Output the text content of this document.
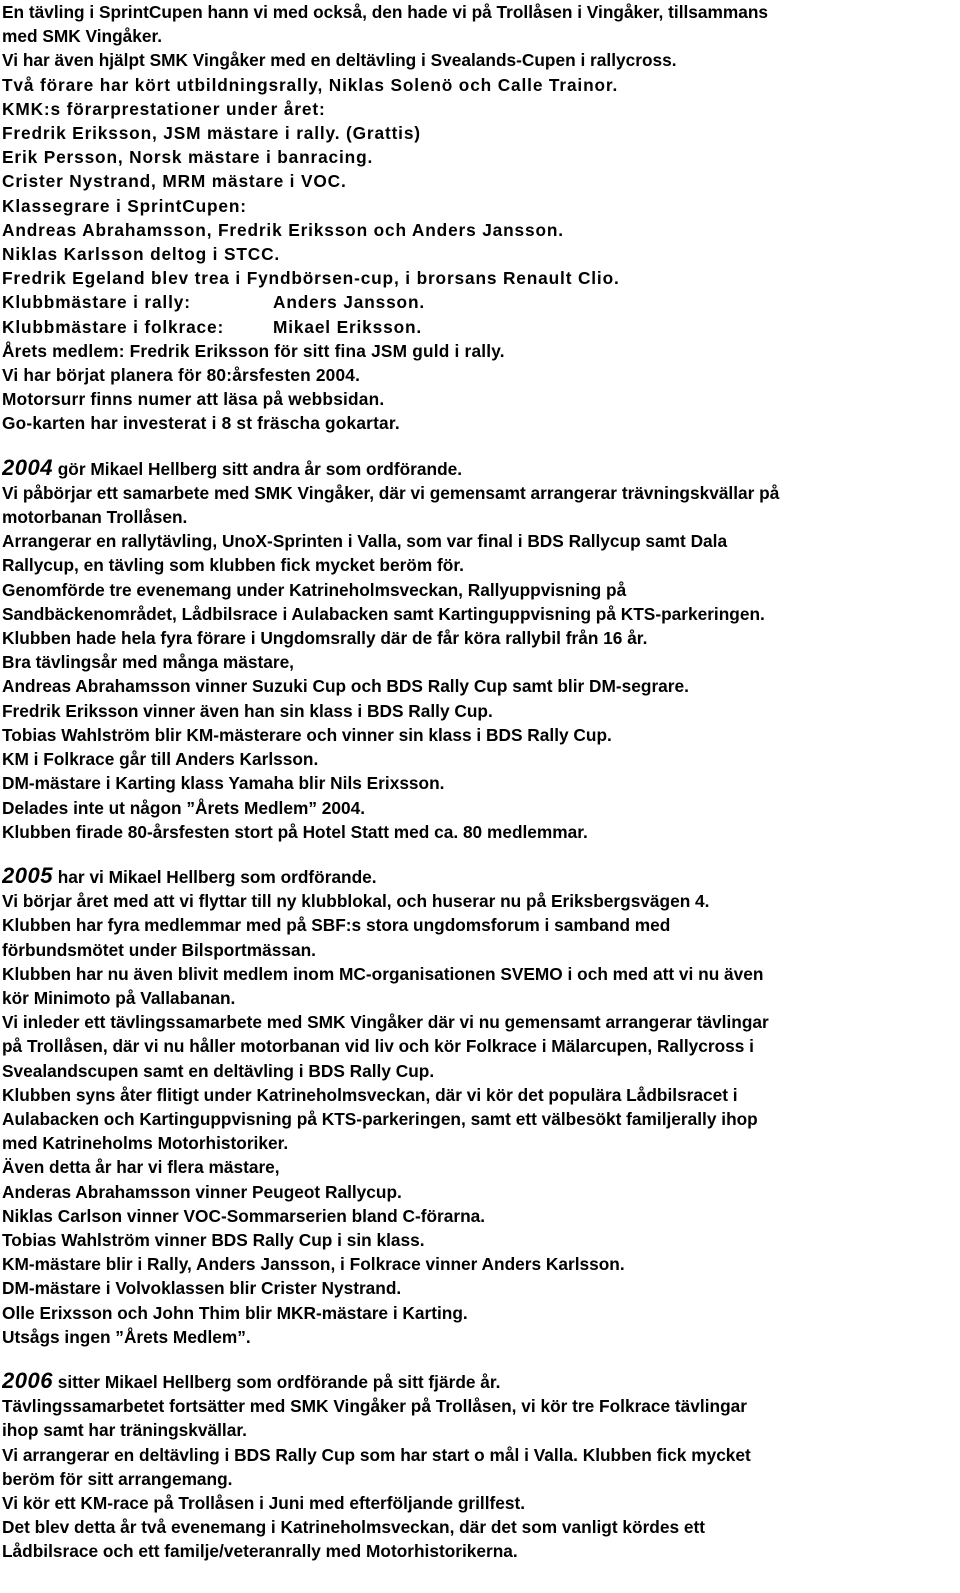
En tävling i SprintCupen hann vi med också, den hade vi på Trollåsen i Vingåker, tillsammans
med SMK Vingåker.
Vi har även hjälpt SMK Vingåker med en deltävling i Svealands-Cupen i rallycross.
Två förare har kört utbildningsrally, Niklas Solenö och Calle Trainor.
KMK:s förarprestationer under året:
Fredrik Eriksson, JSM mästare i rally. (Grattis)
Erik Persson, Norsk mästare i banracing.
Crister Nystrand, MRM mästare i VOC.
Klassegrare i SprintCupen:
Andreas Abrahamsson, Fredrik Eriksson och Anders Jansson.
Niklas Karlsson deltog i STCC.
Fredrik Egeland blev trea i Fyndbörsen-cup, i brorsans Renault Clio.
Klubbmästare i rally:	Anders Jansson.
Klubbmästare i folkrace:	Mikael Eriksson.
Årets medlem: Fredrik Eriksson för sitt fina JSM guld i rally.
Vi har börjat planera för 80:årsfesten 2004.
Motorsurr finns numer att läsa på webbsidan.
Go-karten har investerat i 8 st fräscha gokartar.
2004 gör Mikael Hellberg sitt andra år som ordförande.
Vi påbörjar ett samarbete med SMK Vingåker, där vi gemensamt arrangerar trävningskvällar på
motorbanan Trollåsen.
Arrangerar en rallytävling, UnoX-Sprinten i Valla, som var final i BDS Rallycup samt Dala
Rallycup, en tävling som klubben fick mycket beröm för.
Genomförde tre evenemang under Katrineholmsveckan, Rallyuppvisning på
Sandbäckenområdet, Lådbilsrace i Aulabacken samt Kartinguppvisning på KTS-parkeringen.
Klubben hade hela fyra förare i Ungdomsrally där de får köra rallybil från 16 år.
Bra tävlingsår med många mästare,
Andreas Abrahamsson vinner Suzuki Cup och BDS Rally Cup samt blir DM-segrare.
Fredrik Eriksson vinner även han sin klass i BDS Rally Cup.
Tobias Wahlström blir KM-mästerare och vinner sin klass i BDS Rally Cup.
KM i Folkrace går till Anders Karlsson.
DM-mästare i Karting klass Yamaha blir Nils Erixsson.
Delades inte ut någon ”Årets Medlem” 2004.
Klubben firade 80-årsfesten stort på Hotel Statt med ca. 80 medlemmar.
2005 har vi Mikael Hellberg som ordförande.
Vi börjar året med att vi flyttar till ny klubblokal, och huserar nu på Eriksbergsvägen 4.
Klubben har fyra medlemmar med på SBF:s stora ungdomsforum i samband med
förbundsmötet under Bilsportmässan.
Klubben har nu även blivit medlem inom MC-organisationen SVEMO i och med att vi nu även
kör Minimoto på Vallabanan.
Vi inleder ett tävlingssamarbete med SMK Vingåker där vi nu gemensamt arrangerar tävlingar
på Trollåsen, där vi nu håller motorbanan vid liv och kör Folkrace i Mälarcupen, Rallycross i
Svealandscupen samt en deltävling i BDS Rally Cup.
Klubben syns åter flitigt under Katrineholmsveckan, där vi kör det populära Lådbilsracet i
Aulabacken och Kartinguppvisning på KTS-parkeringen, samt ett välbesökt familjerally ihop
med Katrineholms Motorhistoriker.
Även detta år har vi flera mästare,
Anderas Abrahamsson vinner Peugeot Rallycup.
Niklas Carlson vinner VOC-Sommarserien bland C-förarna.
Tobias Wahlström vinner BDS Rally Cup i sin klass.
KM-mästare blir i Rally, Anders Jansson, i Folkrace vinner Anders Karlsson.
DM-mästare i Volvoklassen blir Crister Nystrand.
Olle Erixsson och John Thim blir MKR-mästare i Karting.
Utsågs ingen ”Årets Medlem”.
2006 sitter Mikael Hellberg som ordförande på sitt fjärde år.
Tävlingssamarbetet fortsätter med SMK Vingåker på Trollåsen, vi kör tre Folkrace tävlingar
ihop samt har träningskvällar.
Vi arrangerar en deltävling i BDS Rally Cup som har start o mål i Valla. Klubben fick mycket
beröm för sitt arrangemang.
Vi kör ett KM-race på Trollåsen i Juni med efterföljande grillfest.
Det blev detta år två evenemang i Katrineholmsveckan, där det som vanligt kördes ett
Lådbilsrace och ett familje/veteranrally med Motorhistorikerna.
